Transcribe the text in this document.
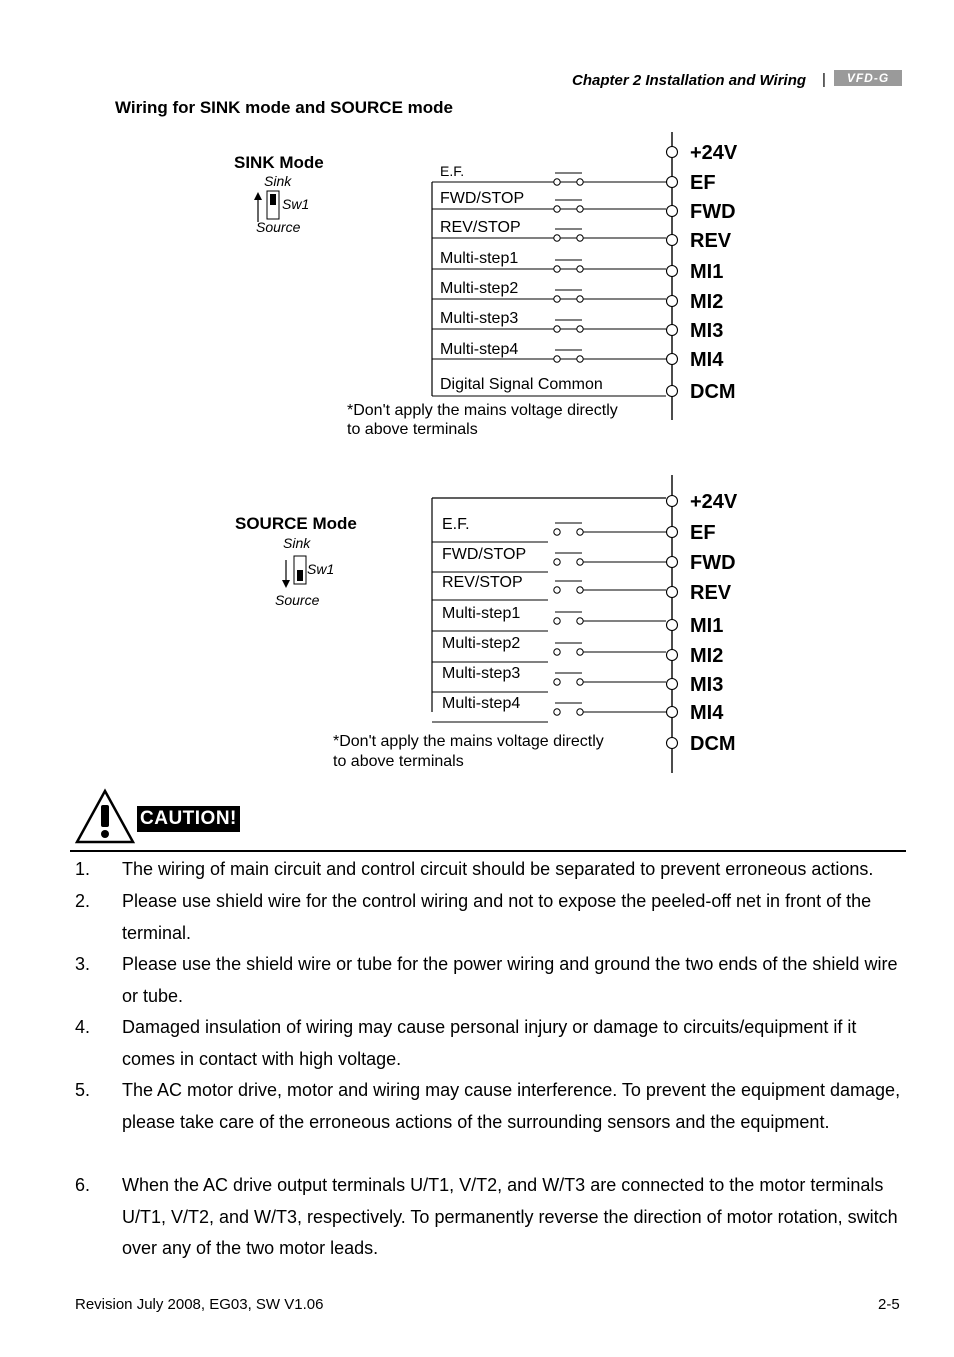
Chapter 2 Installation and Wiring |	VFD-G
Wiring for SINK mode and SOURCE mode
SINK Mode
Sink
Sw1
Source
E.F.
FWD/STOP
REV/STOP
Multi-step1
Multi-step2
Multi-step3
Multi-step4
Digital Signal Common
*Don't apply the mains voltage directly
to above terminals
+24V
EF
FWD
REV
MI1
MI2
MI3
MI4
DCM
SOURCE Mode
Sink
Sw1
Source
E.F.
FWD/STOP
REV/STOP
Multi-step1
Multi-step2
Multi-step3
Multi-step4
*Don't apply the mains voltage directly
to above terminals
+24V
EF
FWD
REV
MI1
MI2
MI3
MI4
DCM
CAUTION!
1. The wiring of main circuit and control circuit should be separated to prevent erroneous actions.
2. Please use shield wire for the control wiring and not to expose the peeled-off net in front of the terminal.
3. Please use the shield wire or tube for the power wiring and ground the two ends of the shield wire or tube.
4. Damaged insulation of wiring may cause personal injury or damage to circuits/equipment if it comes in contact with high voltage.
5. The AC motor drive, motor and wiring may cause interference. To prevent the equipment damage, please take care of the erroneous actions of the surrounding sensors and the equipment.
6. When the AC drive output terminals U/T1, V/T2, and W/T3 are connected to the motor terminals U/T1, V/T2, and W/T3, respectively. To permanently reverse the direction of motor rotation, switch over any of the two motor leads.
Revision July 2008, EG03, SW V1.06	2-5
